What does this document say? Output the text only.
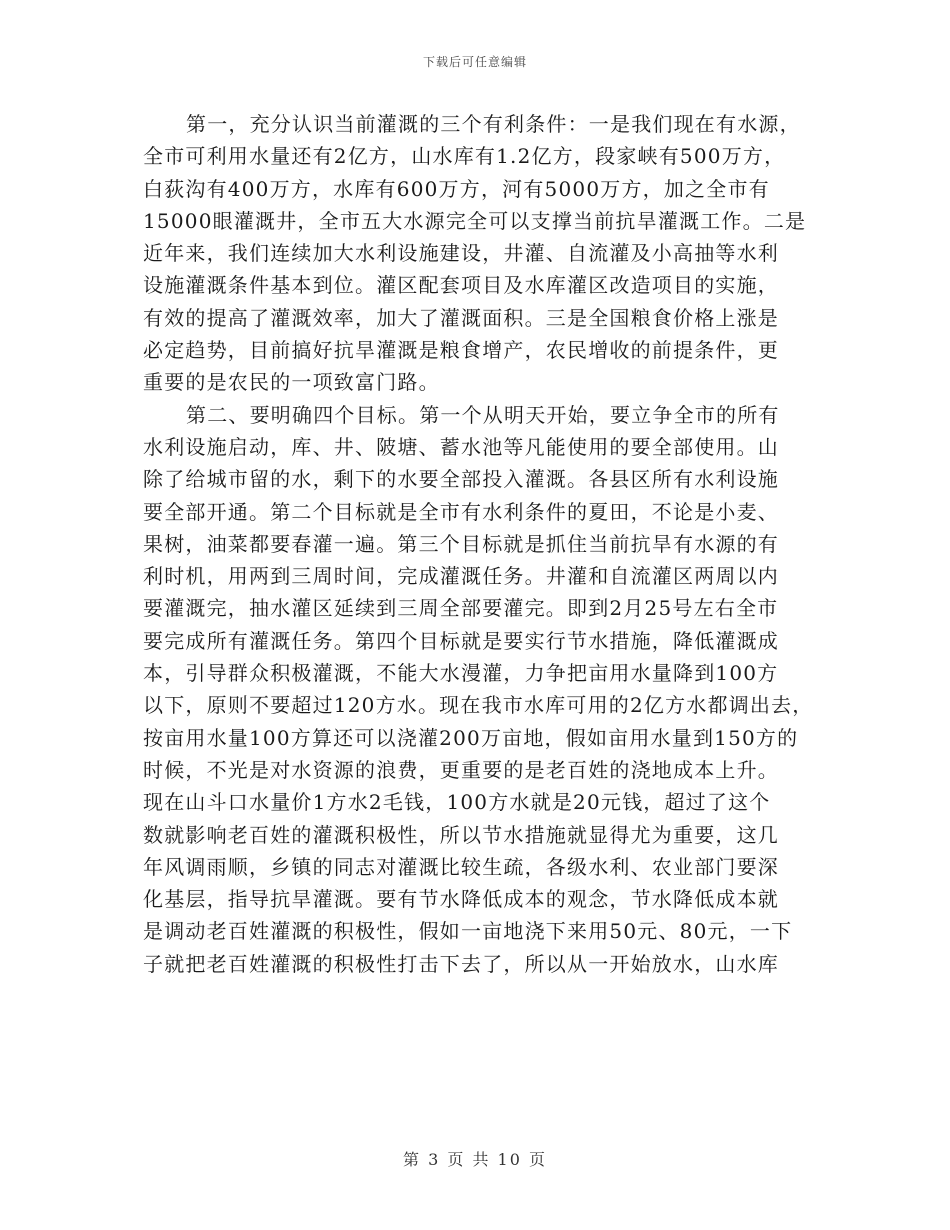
下载后可任意编辑
第一，充分认识当前灌溉的三个有利条件：一是我们现在有水源，
全市可利用水量还有2亿方，山水库有1.2亿方，段家峡有500万方，
白荻沟有400万方，水库有600万方，河有5000万方，加之全市有
15000眼灌溉井，全市五大水源完全可以支撑当前抗旱灌溉工作。二是
近年来，我们连续加大水利设施建设，井灌、自流灌及小高抽等水利
设施灌溉条件基本到位。灌区配套项目及水库灌区改造项目的实施，
有效的提高了灌溉效率，加大了灌溉面积。三是全国粮食价格上涨是
必定趋势，目前搞好抗旱灌溉是粮食增产，农民增收的前提条件，更
重要的是农民的一项致富门路。
第二、要明确四个目标。第一个从明天开始，要立争全市的所有
水利设施启动，库、井、陂塘、蓄水池等凡能使用的要全部使用。山
除了给城市留的水，剩下的水要全部投入灌溉。各县区所有水利设施
要全部开通。第二个目标就是全市有水利条件的夏田，不论是小麦、
果树，油菜都要春灌一遍。第三个目标就是抓住当前抗旱有水源的有
利时机，用两到三周时间，完成灌溉任务。井灌和自流灌区两周以内
要灌溉完，抽水灌区延续到三周全部要灌完。即到2月25号左右全市
要完成所有灌溉任务。第四个目标就是要实行节水措施，降低灌溉成
本，引导群众积极灌溉，不能大水漫灌，力争把亩用水量降到100方
以下，原则不要超过120方水。现在我市水库可用的2亿方水都调出去，
按亩用水量100方算还可以浇灌200万亩地，假如亩用水量到150方的
时候，不光是对水资源的浪费，更重要的是老百姓的浇地成本上升。
现在山斗口水量价1方水2毛钱，100方水就是20元钱，超过了这个
数就影响老百姓的灌溉积极性，所以节水措施就显得尤为重要，这几
年风调雨顺，乡镇的同志对灌溉比较生疏，各级水利、农业部门要深
化基层，指导抗旱灌溉。要有节水降低成本的观念，节水降低成本就
是调动老百姓灌溉的积极性，假如一亩地浇下来用50元、80元，一下
子就把老百姓灌溉的积极性打击下去了，所以从一开始放水，山水库
第 3 页 共 10 页
